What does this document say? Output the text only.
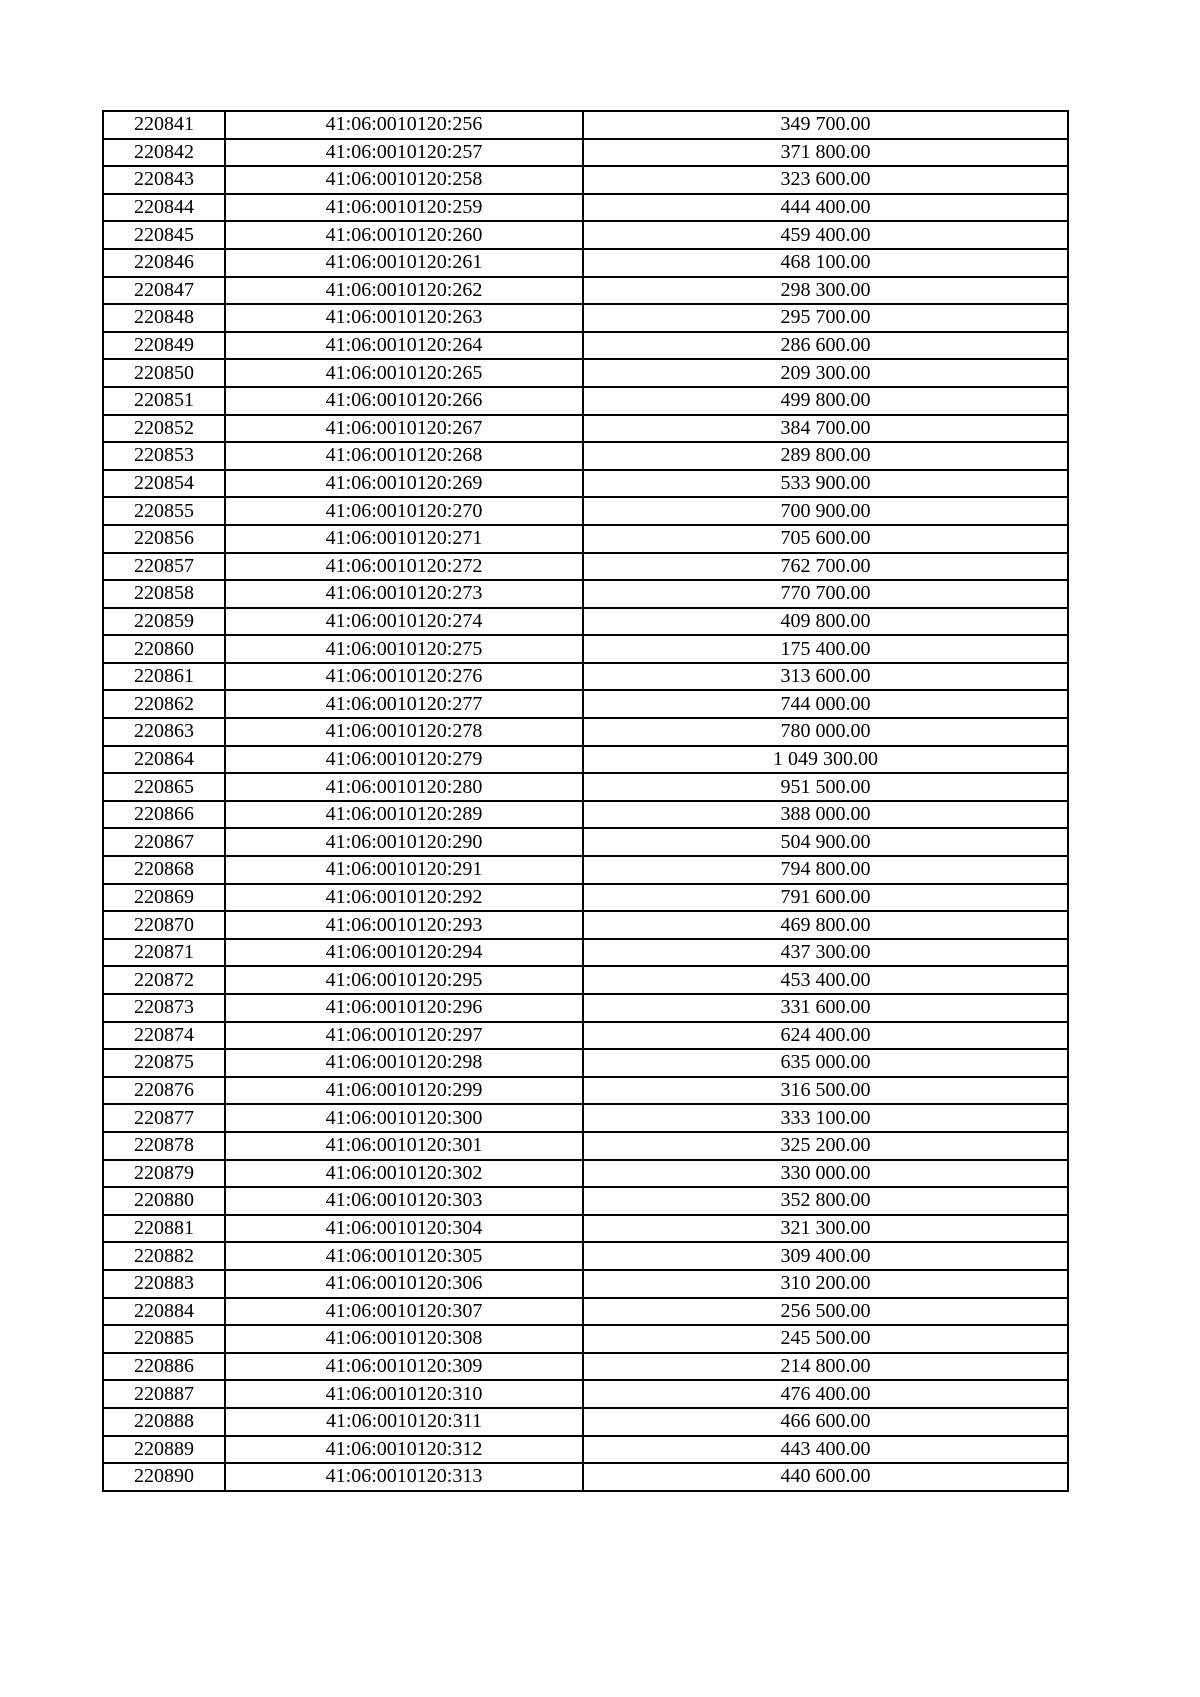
220841	41:06:0010120:256	349 700.00
220842	41:06:0010120:257	371 800.00
220843	41:06:0010120:258	323 600.00
220844	41:06:0010120:259	444 400.00
220845	41:06:0010120:260	459 400.00
220846	41:06:0010120:261	468 100.00
220847	41:06:0010120:262	298 300.00
220848	41:06:0010120:263	295 700.00
220849	41:06:0010120:264	286 600.00
220850	41:06:0010120:265	209 300.00
220851	41:06:0010120:266	499 800.00
220852	41:06:0010120:267	384 700.00
220853	41:06:0010120:268	289 800.00
220854	41:06:0010120:269	533 900.00
220855	41:06:0010120:270	700 900.00
220856	41:06:0010120:271	705 600.00
220857	41:06:0010120:272	762 700.00
220858	41:06:0010120:273	770 700.00
220859	41:06:0010120:274	409 800.00
220860	41:06:0010120:275	175 400.00
220861	41:06:0010120:276	313 600.00
220862	41:06:0010120:277	744 000.00
220863	41:06:0010120:278	780 000.00
220864	41:06:0010120:279	1 049 300.00
220865	41:06:0010120:280	951 500.00
220866	41:06:0010120:289	388 000.00
220867	41:06:0010120:290	504 900.00
220868	41:06:0010120:291	794 800.00
220869	41:06:0010120:292	791 600.00
220870	41:06:0010120:293	469 800.00
220871	41:06:0010120:294	437 300.00
220872	41:06:0010120:295	453 400.00
220873	41:06:0010120:296	331 600.00
220874	41:06:0010120:297	624 400.00
220875	41:06:0010120:298	635 000.00
220876	41:06:0010120:299	316 500.00
220877	41:06:0010120:300	333 100.00
220878	41:06:0010120:301	325 200.00
220879	41:06:0010120:302	330 000.00
220880	41:06:0010120:303	352 800.00
220881	41:06:0010120:304	321 300.00
220882	41:06:0010120:305	309 400.00
220883	41:06:0010120:306	310 200.00
220884	41:06:0010120:307	256 500.00
220885	41:06:0010120:308	245 500.00
220886	41:06:0010120:309	214 800.00
220887	41:06:0010120:310	476 400.00
220888	41:06:0010120:311	466 600.00
220889	41:06:0010120:312	443 400.00
220890	41:06:0010120:313	440 600.00
